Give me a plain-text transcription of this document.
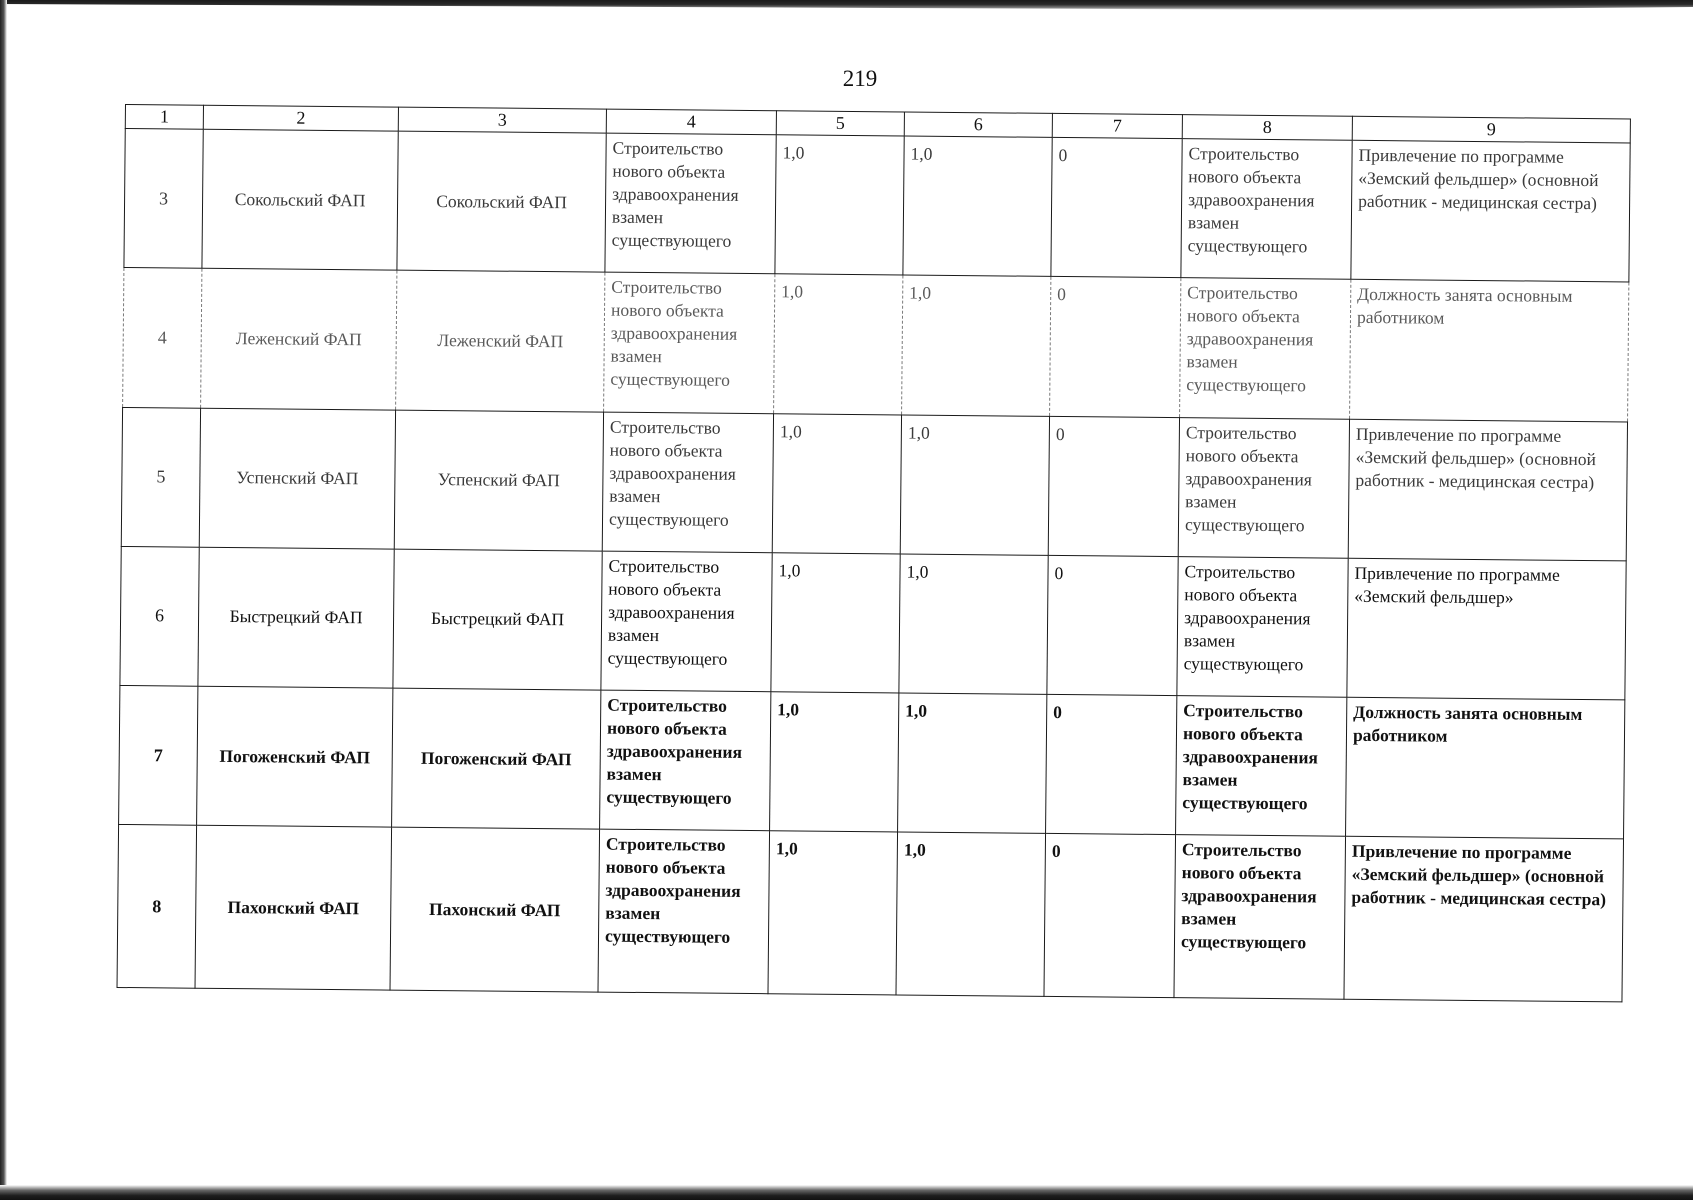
219
1	2	3	4	5	6	7	8	9
3	Сокольский ФАП	Сокольский ФАП	Строительство нового объекта здравоохранения взамен существующего	1,0	1,0	0	Строительство нового объекта здравоохранения взамен существующего	Привлечение по программе «Земский фельдшер» (основной работник - медицинская сестра)
4	Леженский ФАП	Леженский ФАП	Строительство нового объекта здравоохранения взамен существующего	1,0	1,0	0	Строительство нового объекта здравоохранения взамен существующего	Должность занята основным работником
5	Успенский ФАП	Успенский ФАП	Строительство нового объекта здравоохранения взамен существующего	1,0	1,0	0	Строительство нового объекта здравоохранения взамен существующего	Привлечение по программе «Земский фельдшер» (основной работник - медицинская сестра)
6	Быстрецкий ФАП	Быстрецкий ФАП	Строительство нового объекта здравоохранения взамен существующего	1,0	1,0	0	Строительство нового объекта здравоохранения взамен существующего	Привлечение по программе «Земский фельдшер»
7	Погоженский ФАП	Погоженский ФАП	Строительство нового объекта здравоохранения взамен существующего	1,0	1,0	0	Строительство нового объекта здравоохранения взамен существующего	Должность занята основным работником
8	Пахонский ФАП	Пахонский ФАП	Строительство нового объекта здравоохранения взамен существующего	1,0	1,0	0	Строительство нового объекта здравоохранения взамен существующего	Привлечение по программе «Земский фельдшер» (основной работник - медицинская сестра)
